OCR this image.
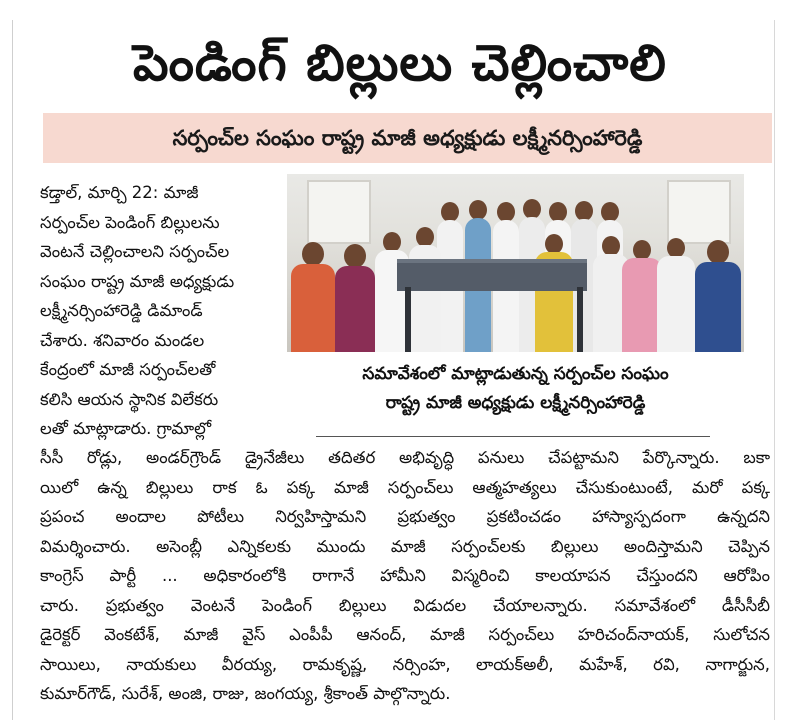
పెండింగ్ బిల్లులు చెల్లించాలి
సర్పంచ్‌ల సంఘం రాష్ట్ర మాజీ అధ్యక్షుడు లక్ష్మీనర్సింహారెడ్డి
కడ్తాల్, మార్చి 22: మాజీ
సర్పంచ్‌ల పెండింగ్ బిల్లులను
వెంటనే చెల్లించాలని సర్పంచ్‌ల
సంఘం రాష్ట్ర మాజీ అధ్యక్షుడు
లక్ష్మీనర్సింహారెడ్డి డిమాండ్
చేశారు. శనివారం మండల
కేంద్రంలో మాజీ సర్పంచ్‌లతో
కలిసి ఆయన స్థానిక విలేకరు
లతో మాట్లాడారు. గ్రామాల్లో
సమావేశంలో మాట్లాడుతున్న సర్పంచ్‌ల సంఘం
రాష్ట్ర మాజీ అధ్యక్షుడు లక్ష్మీనర్సింహారెడ్డి
సీసీ రోడ్లు, అండర్‌గ్రౌండ్ డ్రైనేజీలు తదితర అభివృద్ధి పనులు చేపట్టామని పేర్కొన్నారు. బకా
యిలో ఉన్న బిల్లులు రాక ఓ పక్క మాజీ సర్పంచ్‌లు ఆత్మహత్యలు చేసుకుంటుంటే, మరో పక్క
ప్రపంచ అందాల పోటీలు నిర్వహిస్తామని ప్రభుత్వం ప్రకటించడం హాస్యాస్పదంగా ఉన్నదని
విమర్శించారు. అసెంబ్లీ ఎన్నికలకు ముందు మాజీ సర్పంచ్‌లకు బిల్లులు అందిస్తామని చెప్పిన
కాంగ్రెస్ పార్టీ ... అధికారంలోకి రాగానే హామీని విస్మరించి కాలయాపన చేస్తుందని ఆరోపిం
చారు. ప్రభుత్వం వెంటనే పెండింగ్ బిల్లులు విడుదల చేయాలన్నారు. సమావేశంలో డీసీసీబీ
డైరెక్టర్ వెంకటేశ్, మాజీ వైస్ ఎంపీపీ ఆనంద్, మాజీ సర్పంచ్‌లు హరిచంద్‌నాయక్, సులోచన
సాయిలు, నాయకులు వీరయ్య, రామకృష్ణ, నర్సింహ, లాయక్‌అలీ, మహేశ్, రవి, నాగార్జున,
కుమార్‌గౌడ్, సురేశ్, అంజి, రాజు, జంగయ్య, శ్రీకాంత్ పాల్గొన్నారు.
